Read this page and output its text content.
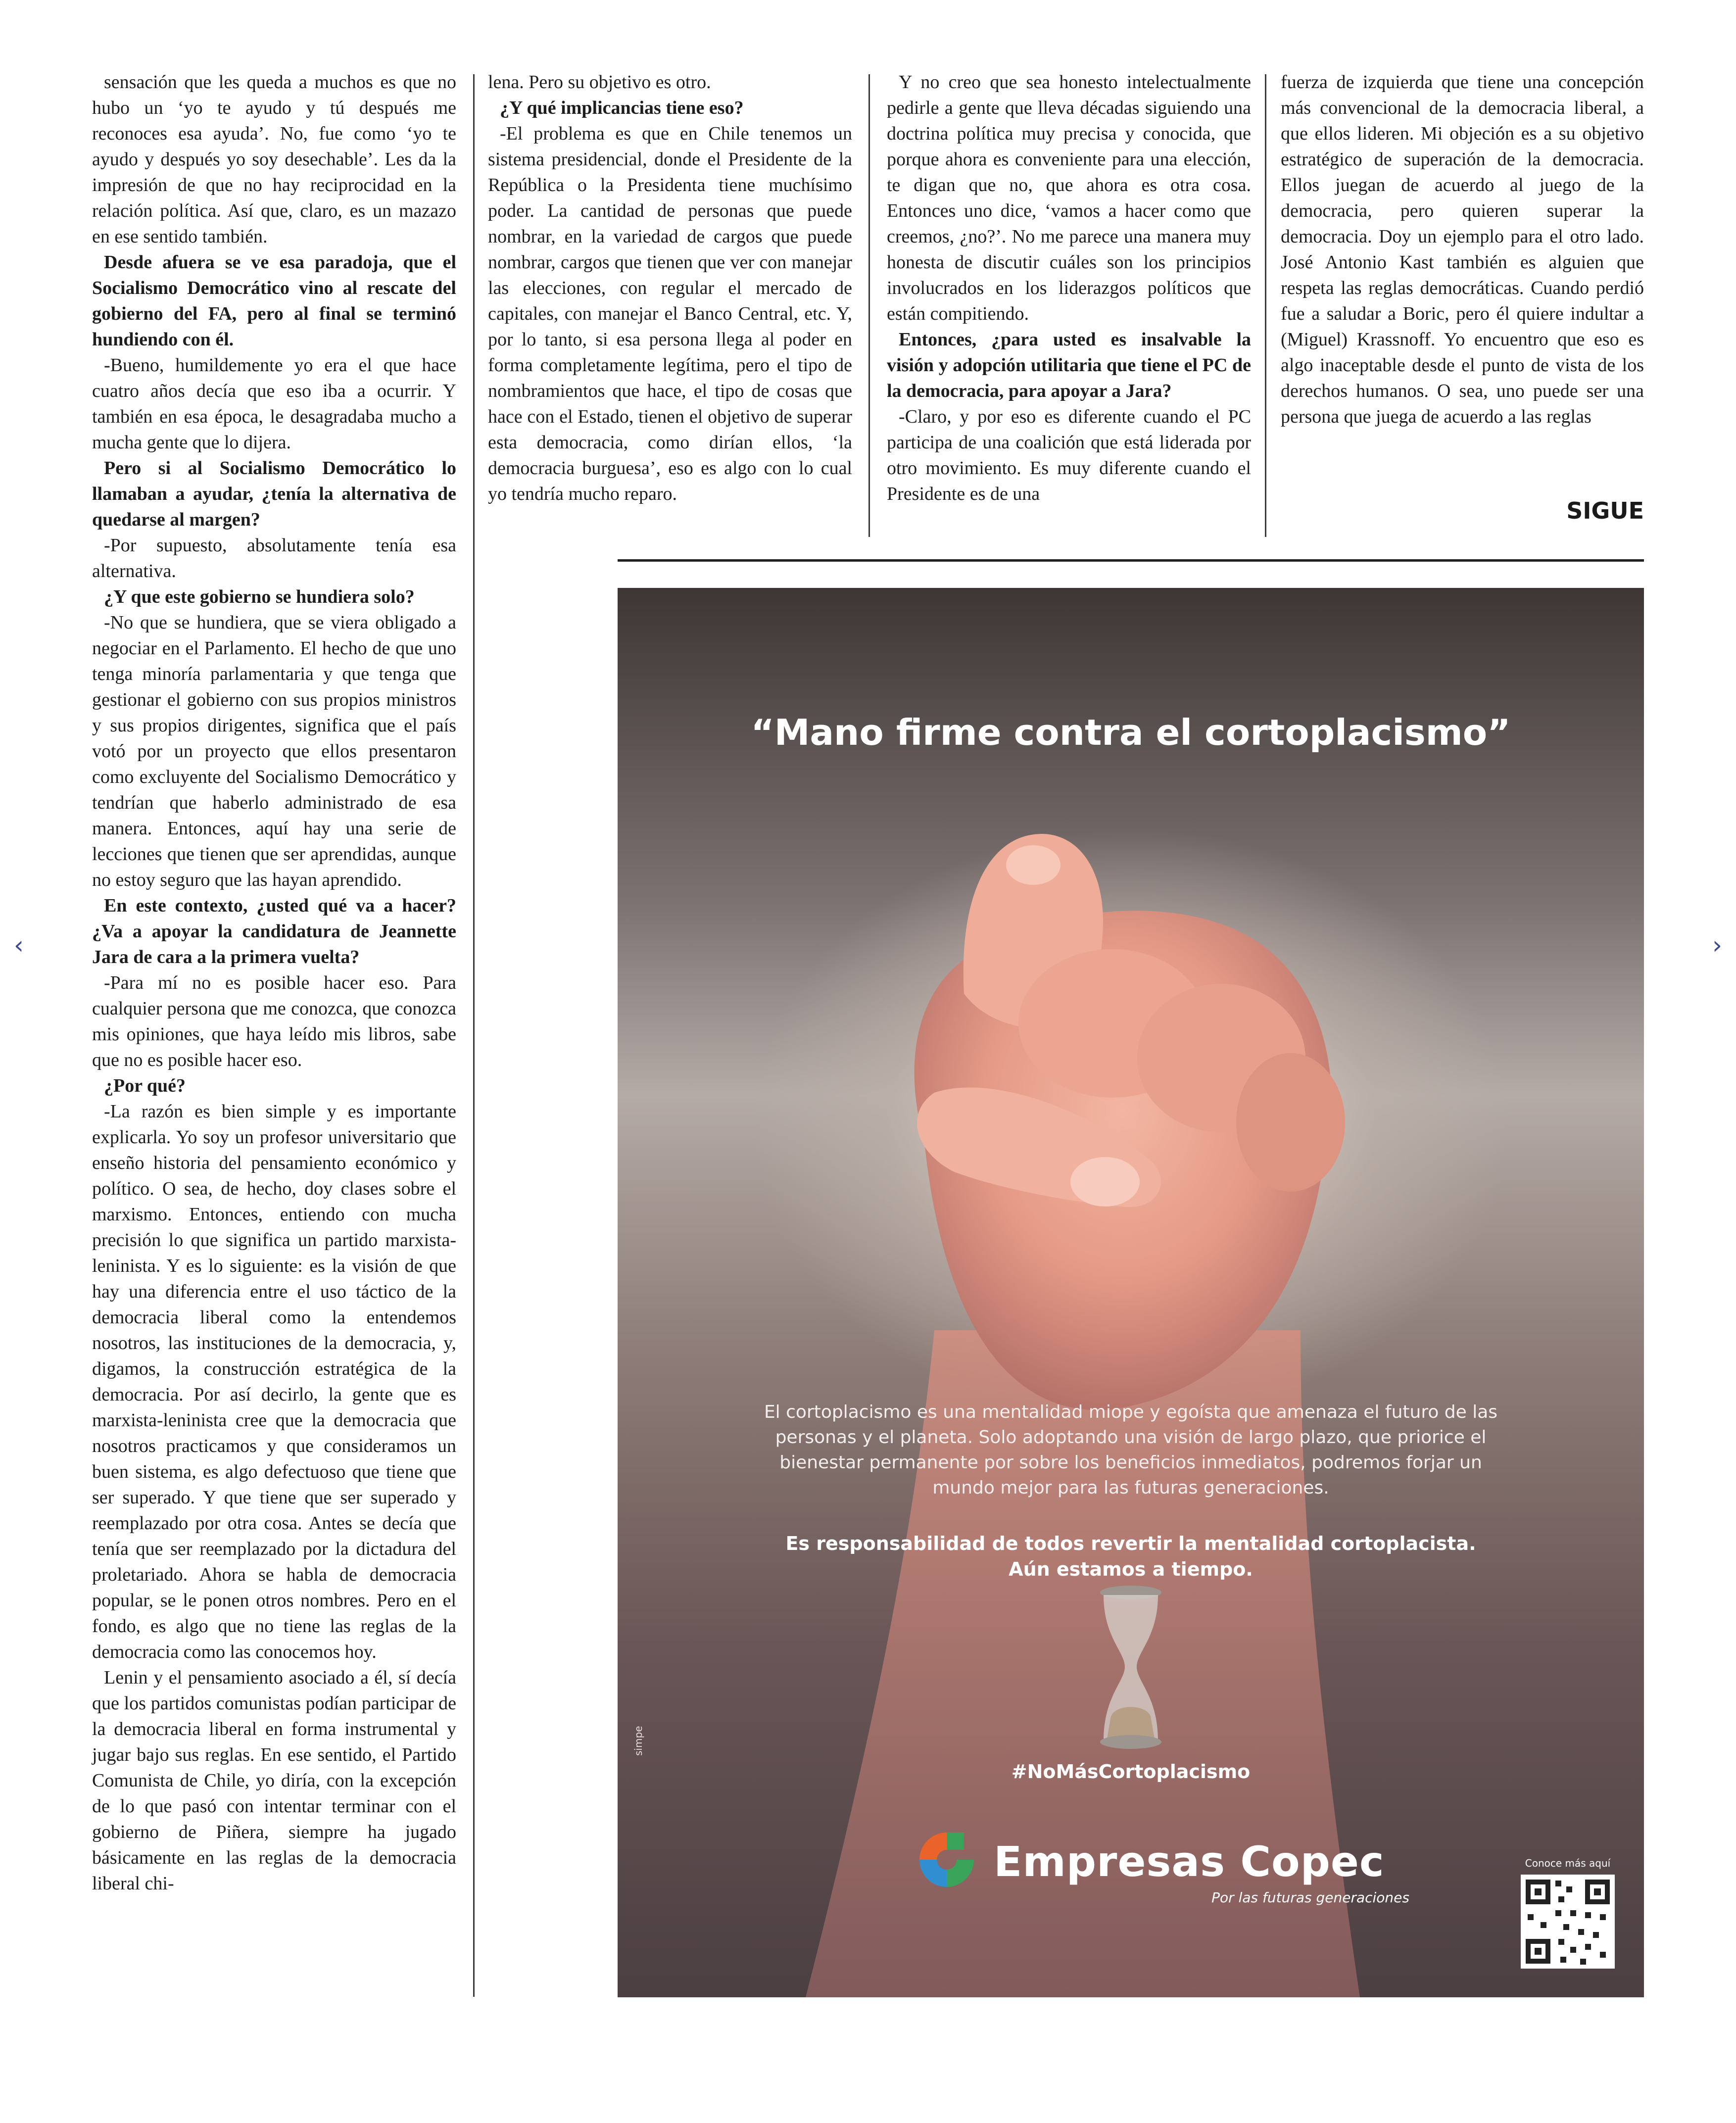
sensación que les queda a muchos es que no hubo un ‘yo te ayudo y tú después me reconoces esa ayuda’. No, fue como ‘yo te ayudo y después yo soy desechable’. Les da la impresión de que no hay reciprocidad en la relación política. Así que, claro, es un mazazo en ese sentido también.

Desde afuera se ve esa paradoja, que el Socialismo Democrático vino al rescate del gobierno del FA, pero al final se terminó hundiendo con él.

-Bueno, humildemente yo era el que hace cuatro años decía que eso iba a ocurrir. Y también en esa época, le desagradaba mucho a mucha gente que lo dijera.

Pero si al Socialismo Democrático lo llamaban a ayudar, ¿tenía la alternativa de quedarse al margen?

-Por supuesto, absolutamente tenía esa alternativa.

¿Y que este gobierno se hundiera solo?

-No que se hundiera, que se viera obligado a negociar en el Parlamento. El hecho de que uno tenga minoría parlamentaria y que tenga que gestionar el gobierno con sus propios ministros y sus propios dirigentes, significa que el país votó por un proyecto que ellos presentaron como excluyente del Socialismo Democrático y tendrían que haberlo administrado de esa manera. Entonces, aquí hay una serie de lecciones que tienen que ser aprendidas, aunque no estoy seguro que las hayan aprendido.

En este contexto, ¿usted qué va a hacer? ¿Va a apoyar la candidatura de Jeannette Jara de cara a la primera vuelta?

-Para mí no es posible hacer eso. Para cualquier persona que me conozca, que conozca mis opiniones, que haya leído mis libros, sabe que no es posible hacer eso.

¿Por qué?

-La razón es bien simple y es importante explicarla. Yo soy un profesor universitario que enseño historia del pensamiento económico y político. O sea, de hecho, doy clases sobre el marxismo. Entonces, entiendo con mucha precisión lo que significa un partido marxista-leninista. Y es lo siguiente: es la visión de que hay una diferencia entre el uso táctico de la democracia liberal como la entendemos nosotros, las instituciones de la democracia, y, digamos, la construcción estratégica de la democracia. Por así decirlo, la gente que es marxista-leninista cree que la democracia que nosotros practicamos y que consideramos un buen sistema, es algo defectuoso que tiene que ser superado. Y que tiene que ser superado y reemplazado por otra cosa. Antes se decía que tenía que ser reemplazado por la dictadura del proletariado. Ahora se habla de democracia popular, se le ponen otros nombres. Pero en el fondo, es algo que no tiene las reglas de la democracia como las conocemos hoy.

Lenin y el pensamiento asociado a él, sí decía que los partidos comunistas podían participar de la democracia liberal en forma instrumental y jugar bajo sus reglas. En ese sentido, el Partido Comunista de Chile, yo diría, con la excepción de lo que pasó con intentar terminar con el gobierno de Piñera, siempre ha jugado básicamente en las reglas de la democracia liberal chi-

lena. Pero su objetivo es otro.

¿Y qué implicancias tiene eso?

-El problema es que en Chile tenemos un sistema presidencial, donde el Presidente de la República o la Presidenta tiene muchísimo poder. La cantidad de personas que puede nombrar, en la variedad de cargos que puede nombrar, cargos que tienen que ver con manejar las elecciones, con regular el mercado de capitales, con manejar el Banco Central, etc. Y, por lo tanto, si esa persona llega al poder en forma completamente legítima, pero el tipo de nombramientos que hace, el tipo de cosas que hace con el Estado, tienen el objetivo de superar esta democracia, como dirían ellos, ‘la democracia burguesa’, eso es algo con lo cual yo tendría mucho reparo.

Y no creo que sea honesto intelectualmente pedirle a gente que lleva décadas siguiendo una doctrina política muy precisa y conocida, que porque ahora es conveniente para una elección, te digan que no, que ahora es otra cosa. Entonces uno dice, ‘vamos a hacer como que creemos, ¿no?’. No me parece una manera muy honesta de discutir cuáles son los principios involucrados en los liderazgos políticos que están compitiendo.

Entonces, ¿para usted es insalvable la visión y adopción utilitaria que tiene el PC de la democracia, para apoyar a Jara?

-Claro, y por eso es diferente cuando el PC participa de una coalición que está liderada por otro movimiento. Es muy diferente cuando el Presidente es de una

fuerza de izquierda que tiene una concepción más convencional de la democracia liberal, a que ellos lideren. Mi objeción es a su objetivo estratégico de superación de la democracia. Ellos juegan de acuerdo al juego de la democracia, pero quieren superar la democracia. Doy un ejemplo para el otro lado. José Antonio Kast también es alguien que respeta las reglas democráticas. Cuando perdió fue a saludar a Boric, pero él quiere indultar a (Miguel) Krassnoff. Yo encuentro que eso es algo inaceptable desde el punto de vista de los derechos humanos. O sea, uno puede ser una persona que juega de acuerdo a las reglas

SIGUE
‹	›
“Mano firme contra el cortoplacismo”
El cortoplacismo es una mentalidad miope y egoísta que amenaza el futuro de las personas y el planeta. Solo adoptando una visión de largo plazo, que priorice el bienestar permanente por sobre los beneficios inmediatos, podremos forjar un mundo mejor para las futuras generaciones.
Es responsabilidad de todos revertir la mentalidad cortoplacista.
Aún estamos a tiempo.
#NoMásCortoplacismo
Empresas Copec
Por las futuras generaciones
Conoce más aquí
simpe
